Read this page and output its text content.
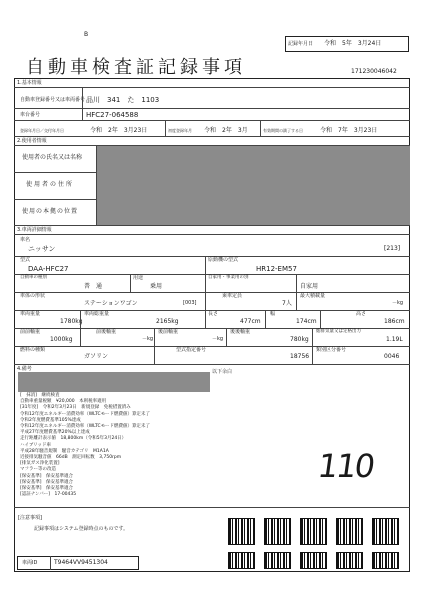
B
自動車検査証記録事項
記録年月日 令和　5年　3月24日
171230046042
1.基本情報
自動車登録番号又は車両番号 品川　341　た　1103
車台番号	HFC27-064588
登録年月日／交付年月日	令和　2年　3月23日	初度登録年月 令和　2年　3月	有効期間の満了する日	令和　7年　3月23日
2.使用者情報
使用者の氏名又は名称
使用者の住所
使用の本拠の位置
3.車両詳細情報
車名
ニッサン	[213]
型式
DAA-HFC27
原動機の型式
HR12-EM57
自動車の種別
普　通
用途
乗用
自家用・事業用の別
自家用
車体の形状
ステーションワゴン	[003]
乗車定員
7人
最大積載量
－kg
車両重量
1780kg
車両総重量
2165kg
長さ
477cm
幅
174cm
高さ
186cm
前前軸重
1000kg
前後軸重
－kg
後前軸重
－kg
後後軸重
780kg
総排気量又は定格出力
1.19L
燃料の種類
ガソリン
型式指定番号
18756
類別区分番号
0046
4.備考	以下余白
[　抹消]　継続検査
自動車重量税額　¥20,000　本則税率適用
[31年度]　令和2年3月23日　新規登録　免税措置済み
令和12年度エネルギー消費効率（WLTCモード燃費値）算定未了
令和2年度燃費基準105%達成
令和12年度エネルギー消費効率（WLTCモード燃費値）算定未了
平成27年度燃費基準20%以上達成
走行距離計表示値　18,800km（令和5年3月24日）
ハイブリッド車
平成28年騒音規制　騒音カテゴリ　M1A1A
近接排気騒音値　66dB　測定回転数　3,750rpm
[排気ガス浄化装置]
マフラー等の改造
[保安基準]　保安基準適合
[保安基準]　保安基準適合
[保安基準]　保安基準適合
[認証ナンバー]　17-00435
110
[注意事項]
記録事項はシステム登録時点のものです。
車両ID	T9464VV9451304
